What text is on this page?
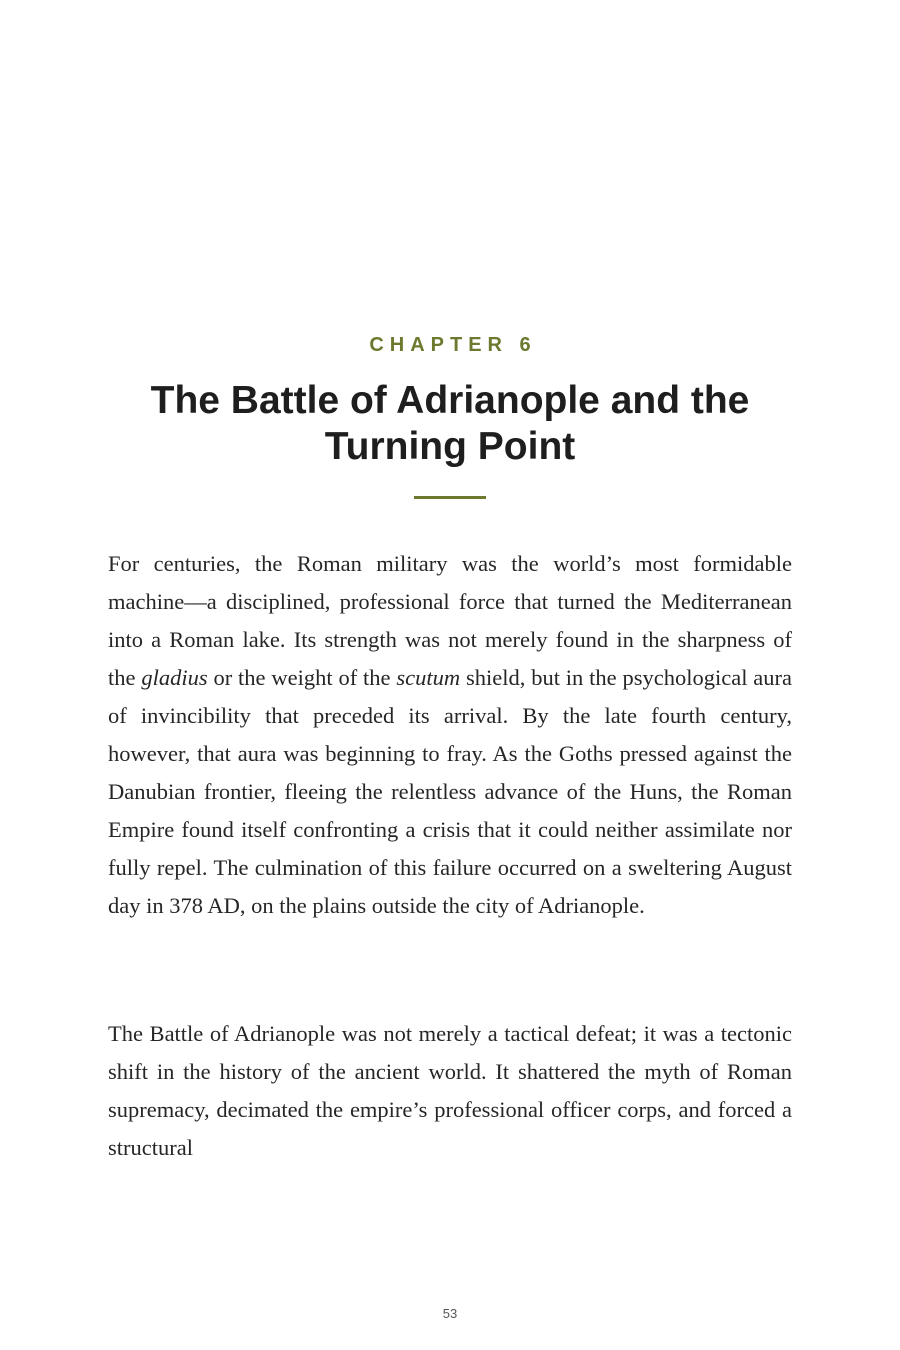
CHAPTER 6
The Battle of Adrianople and the
Turning Point

For centuries, the Roman military was the world’s most formidable machine—a disciplined, professional force that turned the Mediterranean into a Roman lake. Its strength was not merely found in the sharpness of the gladius or the weight of the scutum shield, but in the psychological aura of invincibility that preceded its arrival. By the late fourth century, however, that aura was beginning to fray. As the Goths pressed against the Danubian frontier, fleeing the relentless advance of the Huns, the Roman Empire found itself confronting a crisis that it could neither assimilate nor fully repel. The culmination of this failure occurred on a sweltering August day in 378 AD, on the plains outside the city of Adrianople.

The Battle of Adrianople was not merely a tactical defeat; it was a tectonic shift in the history of the ancient world. It shattered the myth of Roman supremacy, decimated the empire’s professional officer corps, and forced a structural

53
